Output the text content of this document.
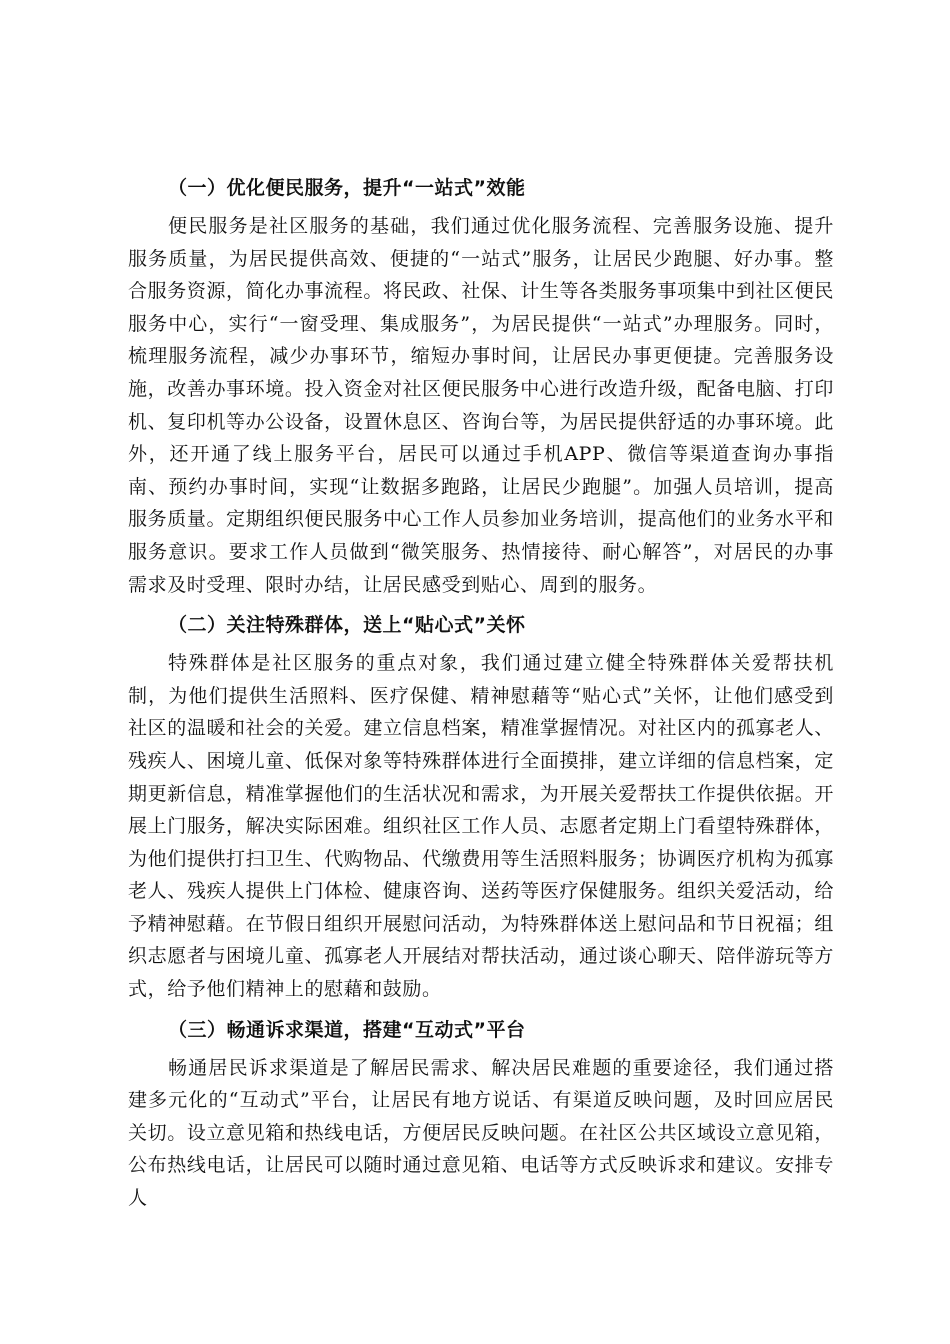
（一）优化便民服务，提升“一站式”效能

便民服务是社区服务的基础，我们通过优化服务流程、完善服务设施、提升服务质量，为居民提供高效、便捷的“一站式”服务，让居民少跑腿、好办事。整合服务资源，简化办事流程。将民政、社保、计生等各类服务事项集中到社区便民服务中心，实行“一窗受理、集成服务”，为居民提供“一站式”办理服务。同时，梳理服务流程，减少办事环节，缩短办事时间，让居民办事更便捷。完善服务设施，改善办事环境。投入资金对社区便民服务中心进行改造升级，配备电脑、打印机、复印机等办公设备，设置休息区、咨询台等，为居民提供舒适的办事环境。此外，还开通了线上服务平台，居民可以通过手机APP、微信等渠道查询办事指南、预约办事时间，实现“让数据多跑路，让居民少跑腿”。加强人员培训，提高服务质量。定期组织便民服务中心工作人员参加业务培训，提高他们的业务水平和服务意识。要求工作人员做到“微笑服务、热情接待、耐心解答”，对居民的办事需求及时受理、限时办结，让居民感受到贴心、周到的服务。

（二）关注特殊群体，送上“贴心式”关怀

特殊群体是社区服务的重点对象，我们通过建立健全特殊群体关爱帮扶机制，为他们提供生活照料、医疗保健、精神慰藉等“贴心式”关怀，让他们感受到社区的温暖和社会的关爱。建立信息档案，精准掌握情况。对社区内的孤寡老人、残疾人、困境儿童、低保对象等特殊群体进行全面摸排，建立详细的信息档案，定期更新信息，精准掌握他们的生活状况和需求，为开展关爱帮扶工作提供依据。开展上门服务，解决实际困难。组织社区工作人员、志愿者定期上门看望特殊群体，为他们提供打扫卫生、代购物品、代缴费用等生活照料服务；协调医疗机构为孤寡老人、残疾人提供上门体检、健康咨询、送药等医疗保健服务。组织关爱活动，给予精神慰藉。在节假日组织开展慰问活动，为特殊群体送上慰问品和节日祝福；组织志愿者与困境儿童、孤寡老人开展结对帮扶活动，通过谈心聊天、陪伴游玩等方式，给予他们精神上的慰藉和鼓励。

（三）畅通诉求渠道，搭建“互动式”平台

畅通居民诉求渠道是了解居民需求、解决居民难题的重要途径，我们通过搭建多元化的“互动式”平台，让居民有地方说话、有渠道反映问题，及时回应居民关切。设立意见箱和热线电话，方便居民反映问题。在社区公共区域设立意见箱，公布热线电话，让居民可以随时通过意见箱、电话等方式反映诉求和建议。安排专人
